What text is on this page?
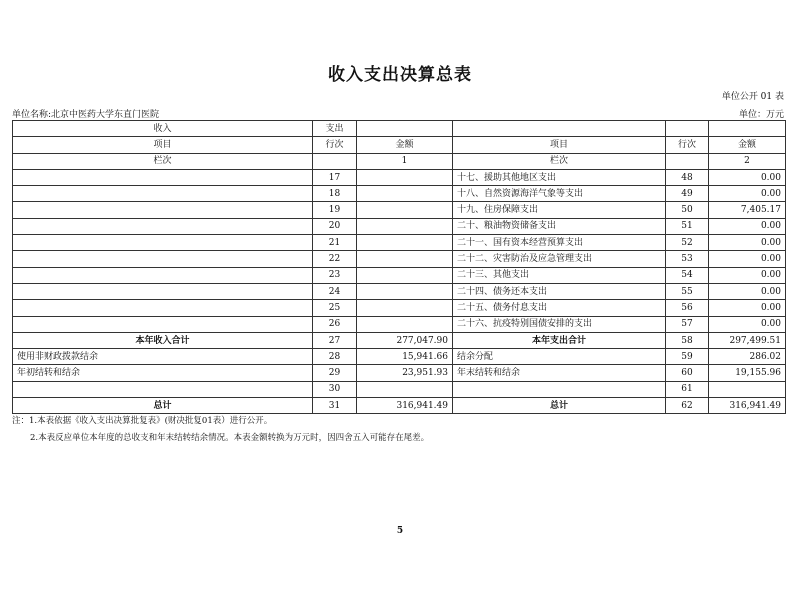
收入支出决算总表
单位公开 01 表
单位名称:北京中医药大学东直门医院	单位：万元
收入	支出				
项目	行次	金额	项目	行次	金额
栏次		1	栏次		2
	17		十七、援助其他地区支出	48	0.00
	18		十八、自然资源海洋气象等支出	49	0.00
	19		十九、住房保障支出	50	7,405.17
	20		二十、粮油物资储备支出	51	0.00
	21		二十一、国有资本经营预算支出	52	0.00
	22		二十二、灾害防治及应急管理支出	53	0.00
	23		二十三、其他支出	54	0.00
	24		二十四、债务还本支出	55	0.00
	25		二十五、债务付息支出	56	0.00
	26		二十六、抗疫特别国债安排的支出	57	0.00
本年收入合计	27	277,047.90	本年支出合计	58	297,499.51
使用非财政拨款结余	28	15,941.66	结余分配	59	286.02
年初结转和结余	29	23,951.93	年末结转和结余	60	19,155.96
	30			61	
总计	31	316,941.49	总计	62	316,941.49
注：1.本表依据《收入支出决算批复表》(财决批复01表）进行公开。
2.本表反应单位本年度的总收支和年末结转结余情况。本表金额转换为万元时，因四舍五入可能存在尾差。
5
